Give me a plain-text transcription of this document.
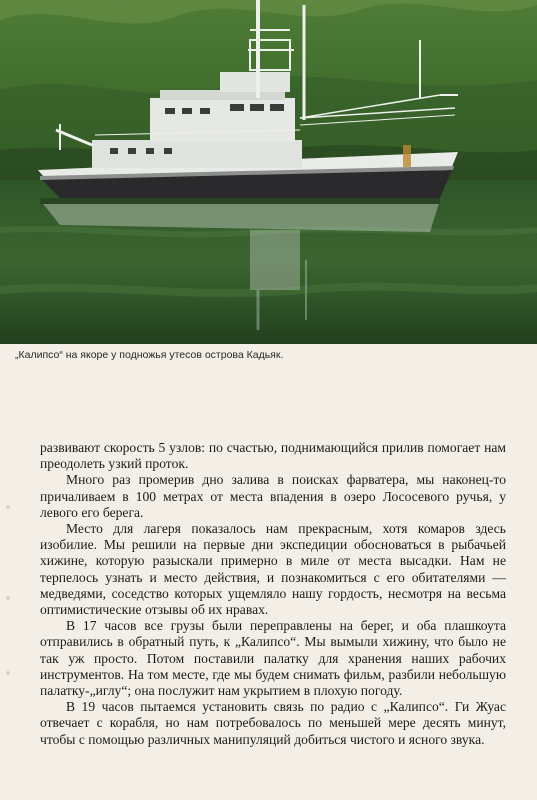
„Калипсо“ на якоре у подножья утесов острова Кадьяк.

развивают скорость 5 узлов: по счастью, поднимающийся прилив помогает нам преодолеть узкий проток.

Много раз промерив дно залива в поисках фарватера, мы наконец-то причаливаем в 100 метрах от места впадения в озеро Лососевого ручья, у левого его берега.

Место для лагеря показалось нам прекрасным, хотя комаров здесь изобилие. Мы решили на первые дни экспедиции обосноваться в рыбачьей хижине, которую разыскали примерно в миле от места высадки. Нам не терпелось узнать и место действия, и познакомиться с его обитателями — медведями, соседство которых ущемляло нашу гордость, несмотря на весьма оптимистические отзывы об их нравах.

В 17 часов все грузы были переправлены на берег, и оба плашкоута отправились в обратный путь, к „Калипсо“. Мы вымыли хижину, что было не так уж просто. Потом поставили палатку для хранения наших рабочих инструментов. На том месте, где мы будем снимать фильм, разбили небольшую палатку-„иглу“; она послужит нам укрытием в плохую погоду.

В 19 часов пытаемся установить связь по радио с „Калипсо“. Ги Жуас отвечает с корабля, но нам потребовалось по меньшей мере десять минут, чтобы с помощью различных манипуляций добиться чистого и ясного звука.
